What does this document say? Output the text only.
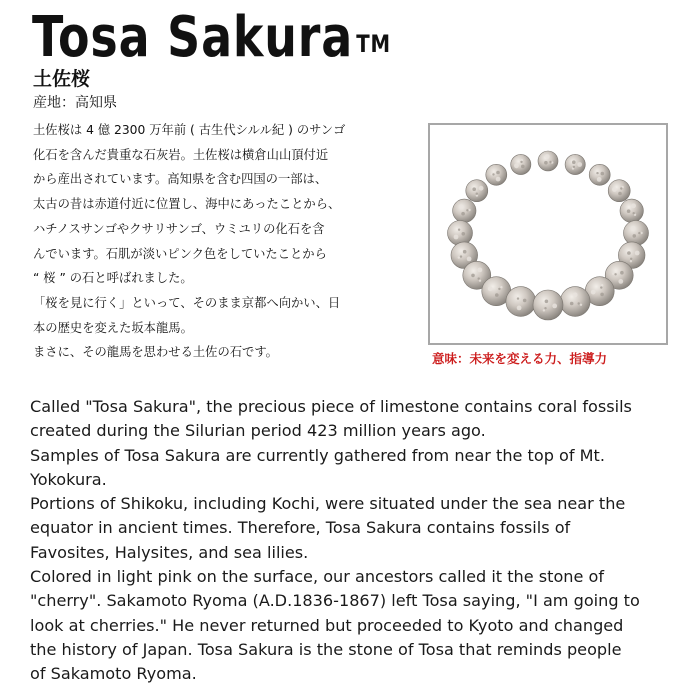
Tosa Sakura ™
土佐桜
産地：高知県
土佐桜は 4 億 2300 万年前 ( 古生代シルル紀 ) のサンゴ
化石を含んだ貴重な石灰岩。土佐桜は横倉山山頂付近
から産出されています。高知県を含む四国の一部は、
太古の昔は赤道付近に位置し、海中にあったことから、
ハチノスサンゴやクサリサンゴ、ウミユリの化石を含
んでいます。石肌が淡いピンク色をしていたことから
“ 桜 ” の石と呼ばれました。
「桜を見に行く」といって、そのまま京都へ向かい、日
本の歴史を変えた坂本龍馬。
まさに、その龍馬を思わせる土佐の石です。	意味：未来を変える力、指導力
Called "Tosa Sakura", the precious piece of limestone contains coral fossils
created during the Silurian period 423 million years ago.
Samples of Tosa Sakura are currently gathered from near the top of Mt.
Yokokura.
Portions of Shikoku, including Kochi, were situated under the sea near the
equator in ancient times. Therefore, Tosa Sakura contains fossils of
Favosites, Halysites, and sea lilies.
Colored in light pink on the surface, our ancestors called it the stone of
"cherry". Sakamoto Ryoma (A.D.1836-1867) left Tosa saying, "I am going to
look at cherries." He never returned but proceeded to Kyoto and changed
the history of Japan. Tosa Sakura is the stone of Tosa that reminds people
of Sakamoto Ryoma.
